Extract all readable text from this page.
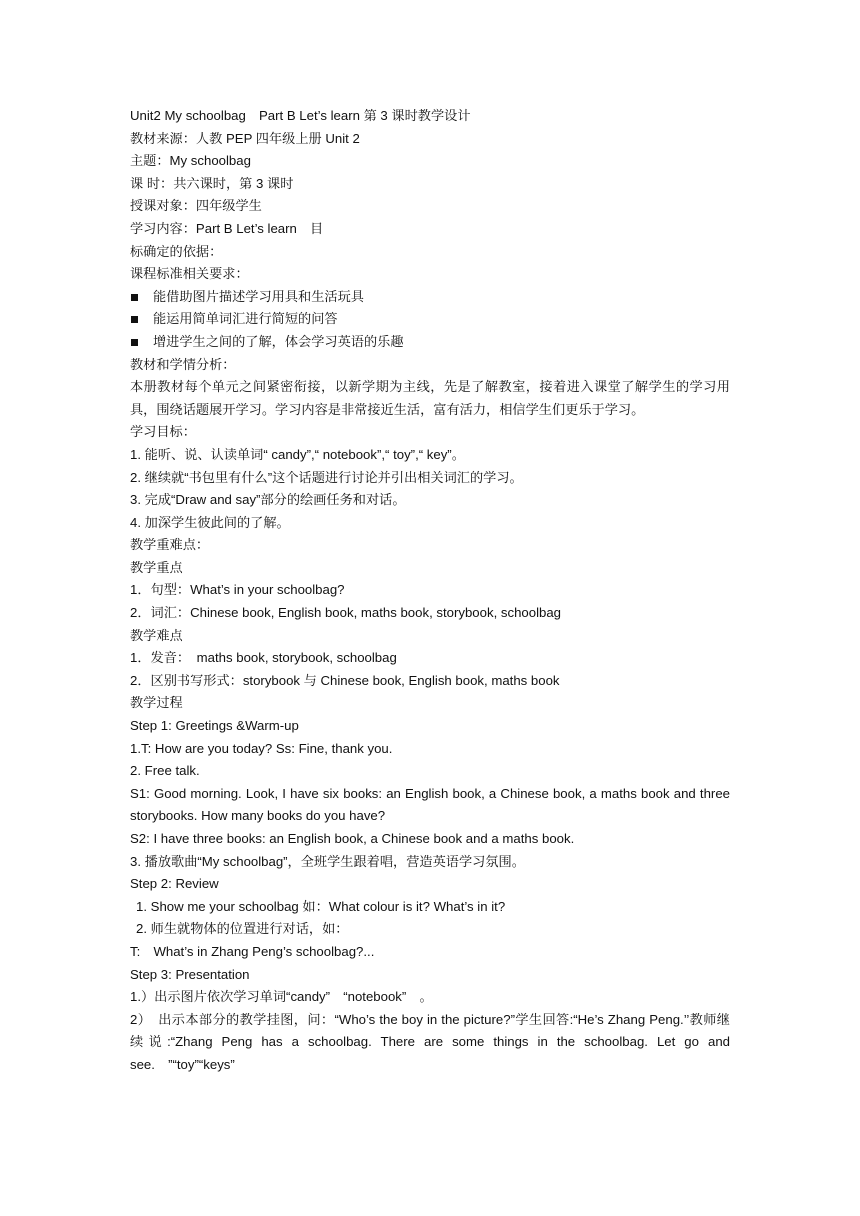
Unit2 My schoolbag　Part B Let’s learn 第 3 课时教学设计
教材来源：人教 PEP 四年级上册 Unit 2
主题：My schoolbag
课 时：共六课时，第 3 课时
授课对象：四年级学生
学习内容：Part B Let’s learn　目
标确定的依据：
课程标准相关要求：
能借助图片描述学习用具和生活玩具
能运用简单词汇进行简短的问答
增进学生之间的了解，体会学习英语的乐趣
教材和学情分析：
本册教材每个单元之间紧密衔接，以新学期为主线，先是了解教室，接着进入课堂了解学生的学习用具，围绕话题展开学习。学习内容是非常接近生活，富有活力，相信学生们更乐于学习。
学习目标：
1. 能听、说、认读单词“ candy”,“ notebook”,“ toy”,“ key”。
2. 继续就“书包里有什么”这个话题进行讨论并引出相关词汇的学习。
3. 完成“Draw and say”部分的绘画任务和对话。
4. 加深学生彼此间的了解。
教学重难点：
教学重点
1．句型：What’s in your schoolbag?
2．词汇：Chinese book, English book, maths book, storybook, schoolbag
教学难点
1．发音：　maths book, storybook, schoolbag
2．区别书写形式：storybook 与 Chinese book, English book, maths book
教学过程
Step 1: Greetings &Warm-up
1.T: How are you today? Ss: Fine, thank you.
2. Free talk.
S1: Good morning. Look, I have six books: an English book, a Chinese book, a maths book and three storybooks. How many books do you have?
S2: I have three books: an English book, a Chinese book and a maths book.
3. 播放歌曲“My schoolbag”，全班学生跟着唱，营造英语学习氛围。
Step 2: Review
1. Show me your schoolbag 如：What colour is it? What’s in it?
2. 师生就物体的位置进行对话，如：
T:　What’s in Zhang Peng’s schoolbag?...
Step 3: Presentation
1.）出示图片依次学习单词“candy”　“notebook”　。
2）　出示本部分的教学挂图，问：“Who’s the boy in the picture?”学生回答:“He’s Zhang Peng.’’教师继续说:“Zhang Peng has a schoolbag. There are some things in the schoolbag. Let go and see.　”“toy”“keys”
